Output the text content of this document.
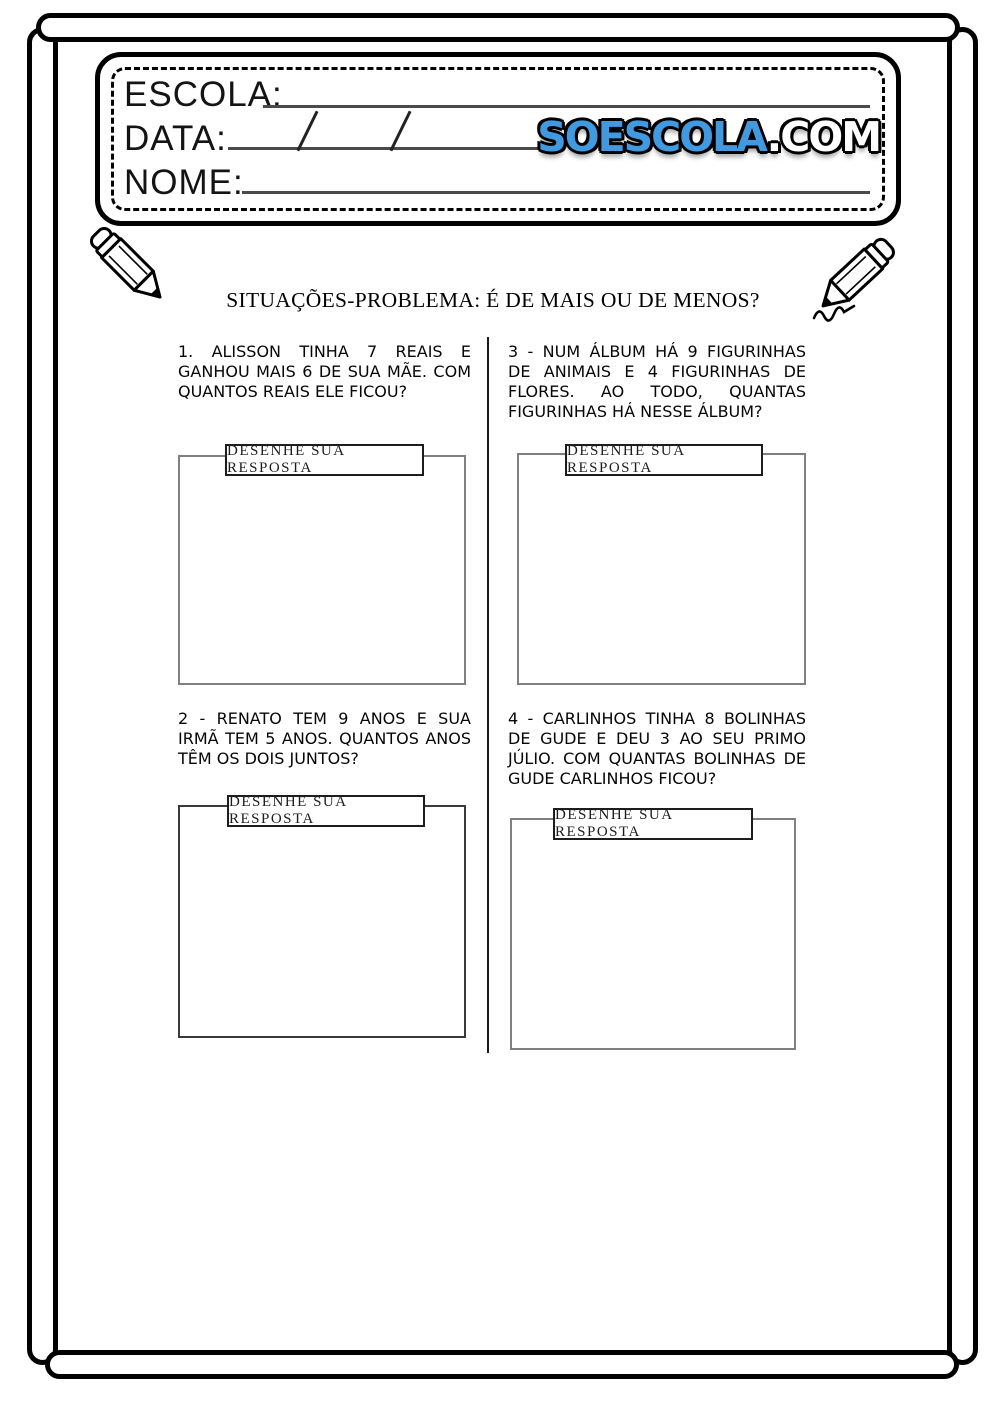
ESCOLA:
DATA:
NOME:
SOESCOLA.COM
SITUAÇÕES-PROBLEMA: É DE MAIS OU DE MENOS?
1. ALISSON TINHA 7 REAIS E GANHOU MAIS 6 DE SUA MÃE. COM QUANTOS REAIS ELE FICOU?
3 - NUM ÁLBUM HÁ 9 FIGURINHAS DE ANIMAIS E 4 FIGURINHAS DE FLORES. AO TODO, QUANTAS FIGURINHAS HÁ NESSE ÁLBUM?
2 - RENATO TEM 9 ANOS E SUA IRMÃ TEM 5 ANOS. QUANTOS ANOS TÊM OS DOIS JUNTOS?
4 - CARLINHOS TINHA 8 BOLINHAS DE GUDE E DEU 3 AO SEU PRIMO JÚLIO. COM QUANTAS BOLINHAS DE GUDE CARLINHOS FICOU?
DESENHE SUA RESPOSTA
DESENHE SUA RESPOSTA
DESENHE SUA RESPOSTA	DESENHE SUA RESPOSTA
